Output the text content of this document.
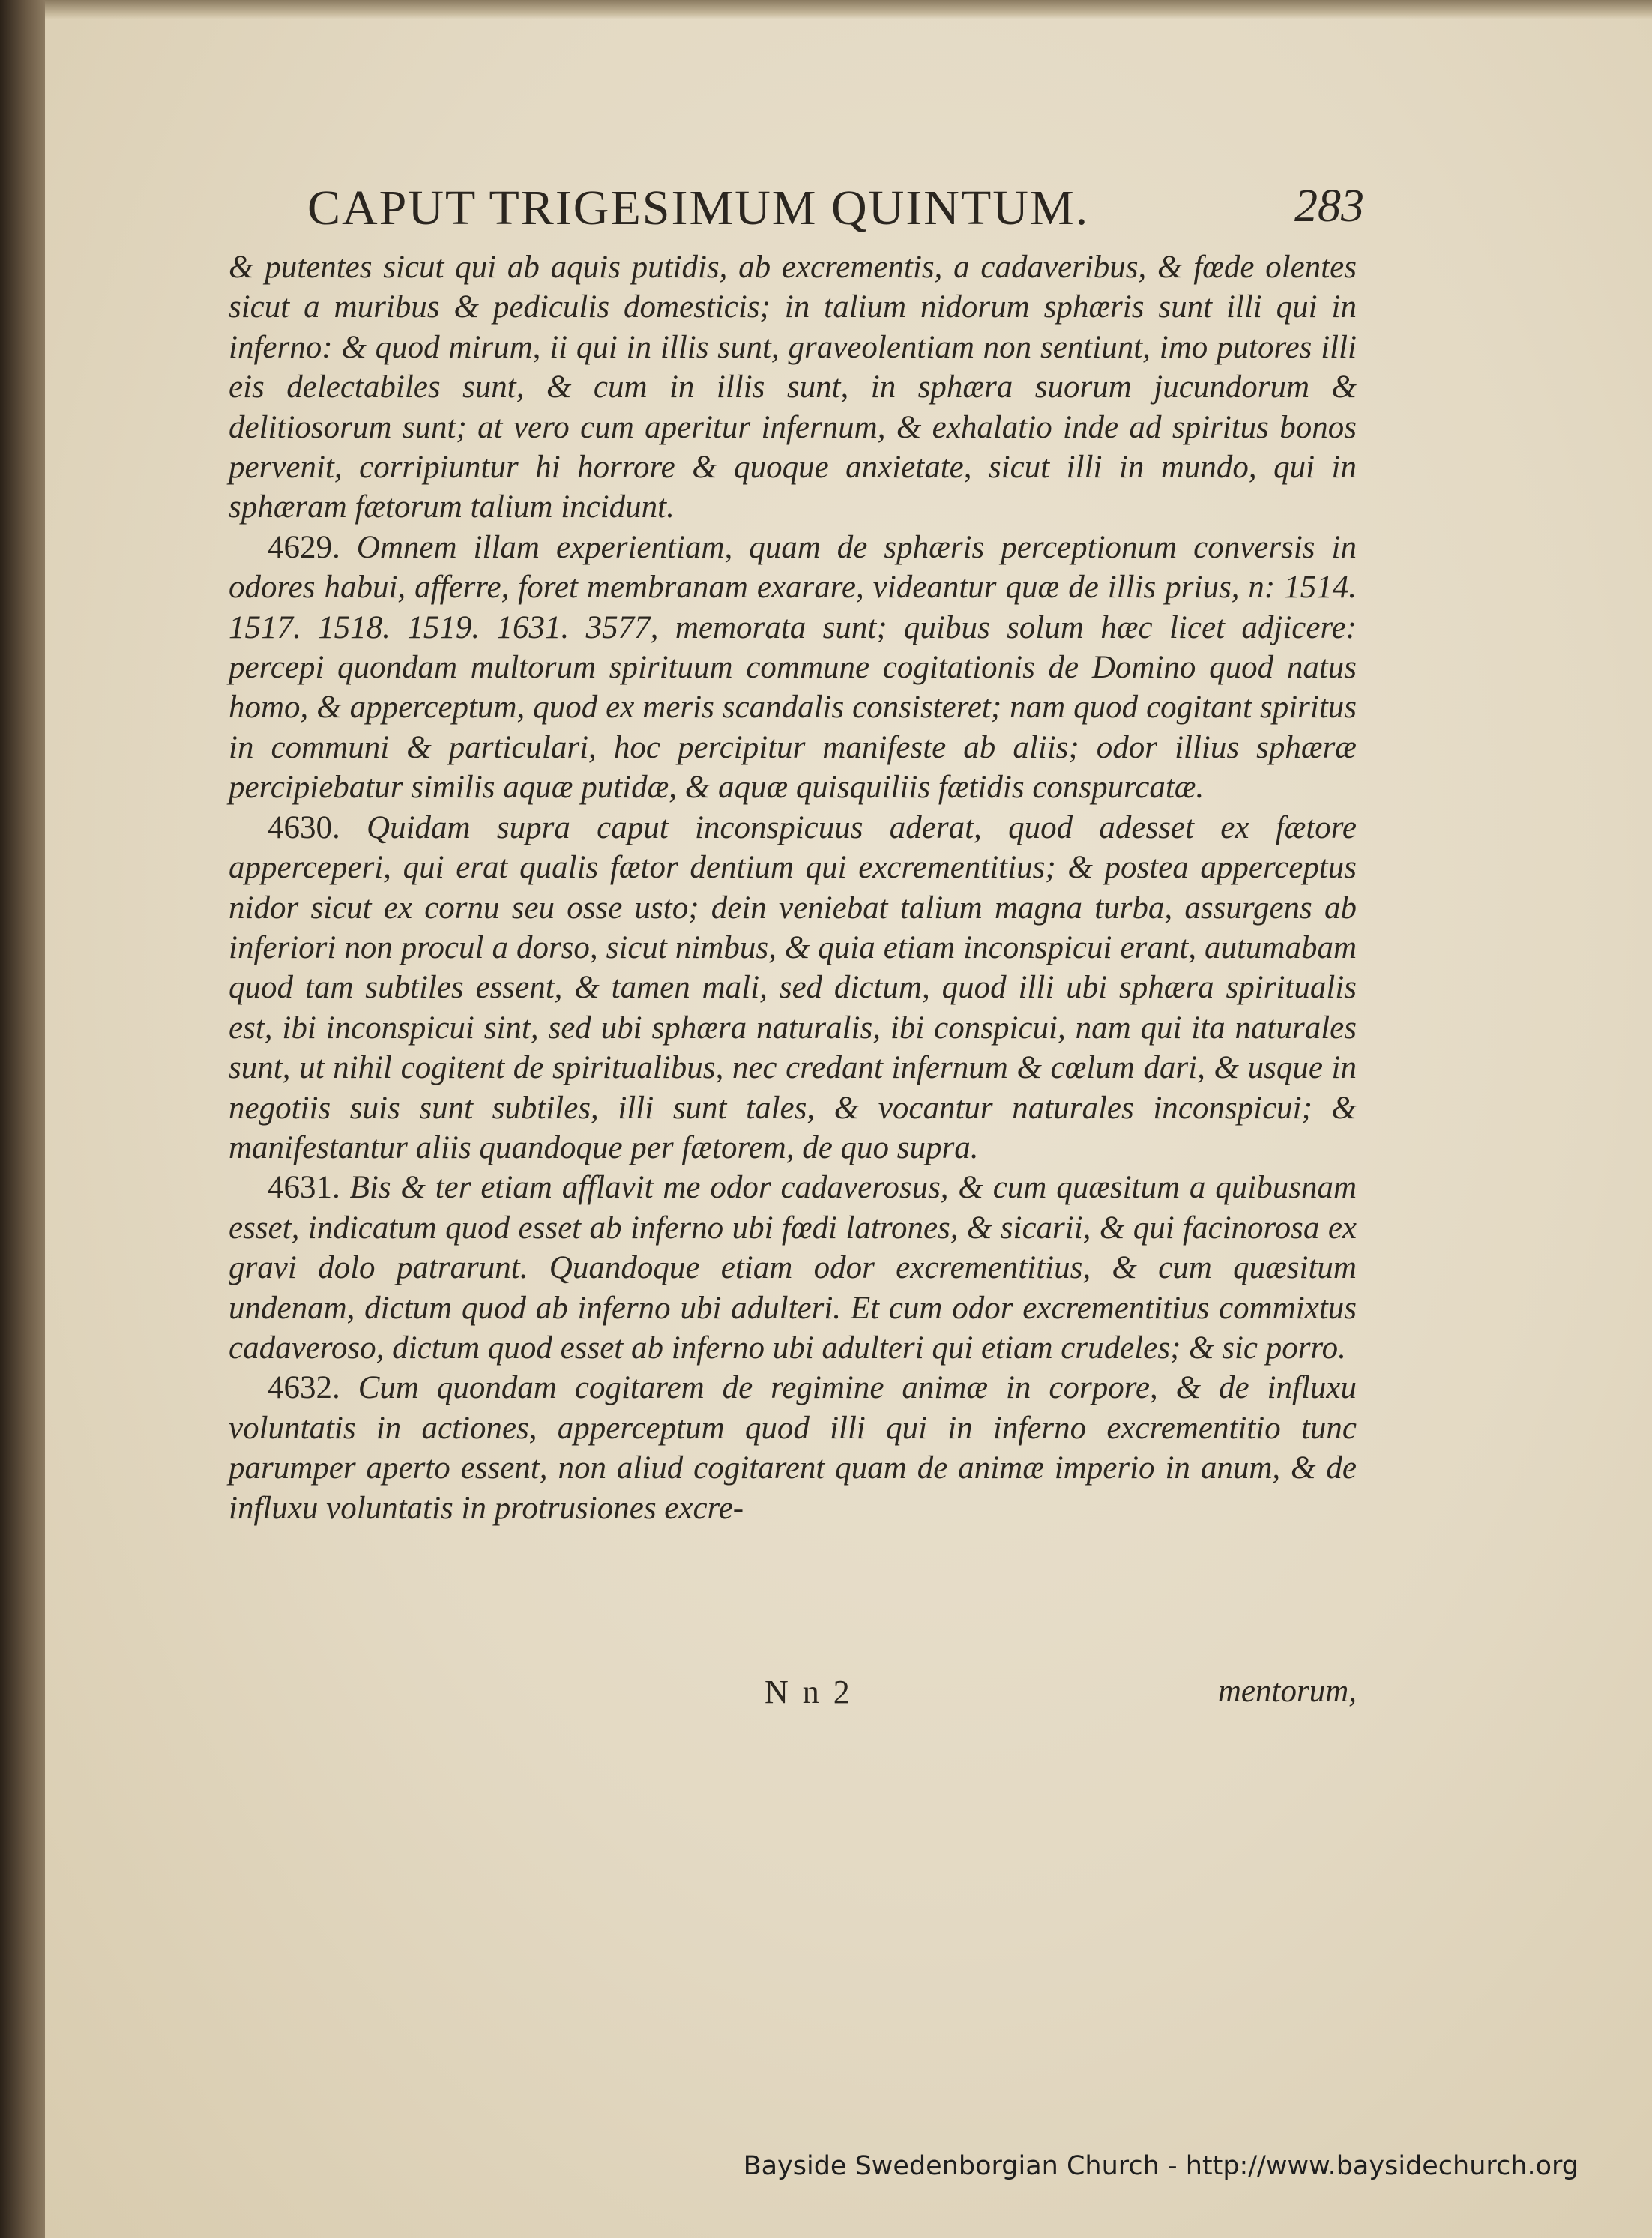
CAPUT TRIGESIMUM QUINTUM.	283

& putentes sicut qui ab aquis putidis, ab excrementis, a cadaveribus, & fœde olentes sicut a muribus & pediculis domesticis; in talium nidorum sphæris sunt illi qui in inferno: & quod mirum, ii qui in illis sunt, graveolentiam non sentiunt, imo putores illi eis delectabiles sunt, & cum in illis sunt, in sphæra suorum jucundorum & delitiosorum sunt; at vero cum aperitur infernum, & exhalatio inde ad spiritus bonos pervenit, corripiuntur hi horrore & quoque anxietate, sicut illi in mundo, qui in sphæram fætorum talium incidunt.

4629. Omnem illam experientiam, quam de sphæris perceptionum conversis in odores habui, afferre, foret membranam exarare, videantur quæ de illis prius, n: 1514. 1517. 1518. 1519. 1631. 3577, memorata sunt; quibus solum hæc licet adjicere: percepi quondam multorum spirituum commune cogitationis de Domino quod natus homo, & apperceptum, quod ex meris scandalis consisteret; nam quod cogitant spiritus in communi & particulari, hoc percipitur manifeste ab aliis; odor illius sphæræ percipiebatur similis aquæ putidæ, & aquæ quisquiliis fætidis conspurcatæ.

4630. Quidam supra caput inconspicuus aderat, quod adesset ex fætore apperceperi, qui erat qualis fætor dentium qui excrementitius; & postea apperceptus nidor sicut ex cornu seu osse usto; dein veniebat talium magna turba, assurgens ab inferiori non procul a dorso, sicut nimbus, & quia etiam inconspicui erant, autumabam quod tam subtiles essent, & tamen mali, sed dictum, quod illi ubi sphæra spiritualis est, ibi inconspicui sint, sed ubi sphæra naturalis, ibi conspicui, nam qui ita naturales sunt, ut nihil cogitent de spiritualibus, nec credant infernum & cœlum dari, & usque in negotiis suis sunt subtiles, illi sunt tales, & vocantur naturales inconspicui; & manifestantur aliis quandoque per fætorem, de quo supra.

4631. Bis & ter etiam afflavit me odor cadaverosus, & cum quæsitum a quibusnam esset, indicatum quod esset ab inferno ubi fœdi latrones, & sicarii, & qui facinorosa ex gravi dolo patrarunt. Quandoque etiam odor excrementitius, & cum quæsitum undenam, dictum quod ab inferno ubi adulteri. Et cum odor excrementitius commixtus cadaveroso, dictum quod esset ab inferno ubi adulteri qui etiam crudeles; & sic porro.

4632. Cum quondam cogitarem de regimine animæ in corpore, & de influxu voluntatis in actiones, apperceptum quod illi qui in inferno excrementitio tunc parumper aperto essent, non aliud cogitarent quam de animæ imperio in anum, & de influxu voluntatis in protrusiones excre-

N n 2	mentorum,
Bayside Swedenborgian Church - http://www.baysidechurch.org
